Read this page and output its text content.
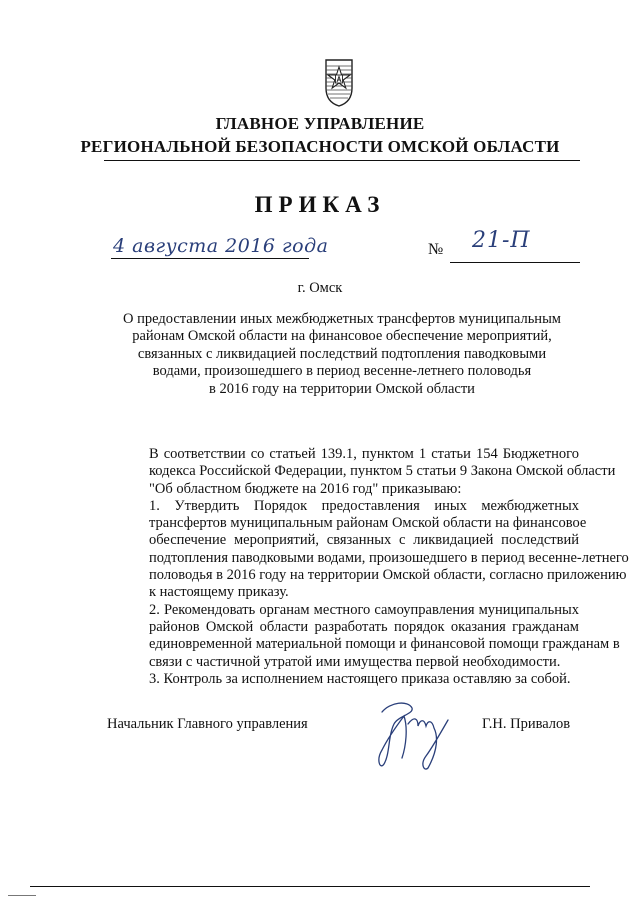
ГЛАВНОЕ УПРАВЛЕНИЕ
РЕГИОНАЛЬНОЙ БЕЗОПАСНОСТИ ОМСКОЙ ОБЛАСТИ
ПРИКАЗ
4 августа 2016 года	№ 21-П
г. Омск
О предоставлении иных межбюджетных трансфертов муниципальным
районам Омской области на финансовое обеспечение мероприятий,
связанных с ликвидацией последствий подтопления паводковыми
водами, произошедшего в период весенне-летнего половодья
в 2016 году на территории Омской области
В соответствии со статьей 139.1, пунктом 1 статьи 154 Бюджетного
кодекса Российской Федерации, пунктом 5 статьи 9 Закона Омской области
"Об областном бюджете на 2016 год" приказываю:
1. Утвердить Порядок предоставления иных межбюджетных
трансфертов муниципальным районам Омской области на финансовое
обеспечение мероприятий, связанных с ликвидацией последствий
подтопления паводковыми водами, произошедшего в период весенне-летнего
половодья в 2016 году на территории Омской области, согласно приложению
к настоящему приказу.
2. Рекомендовать органам местного самоуправления муниципальных
районов Омской области разработать порядок оказания гражданам
единовременной материальной помощи и финансовой помощи гражданам в
связи с частичной утратой ими имущества первой необходимости.
3. Контроль за исполнением настоящего приказа оставляю за собой.
Начальник Главного управления	Г.Н. Привалов
